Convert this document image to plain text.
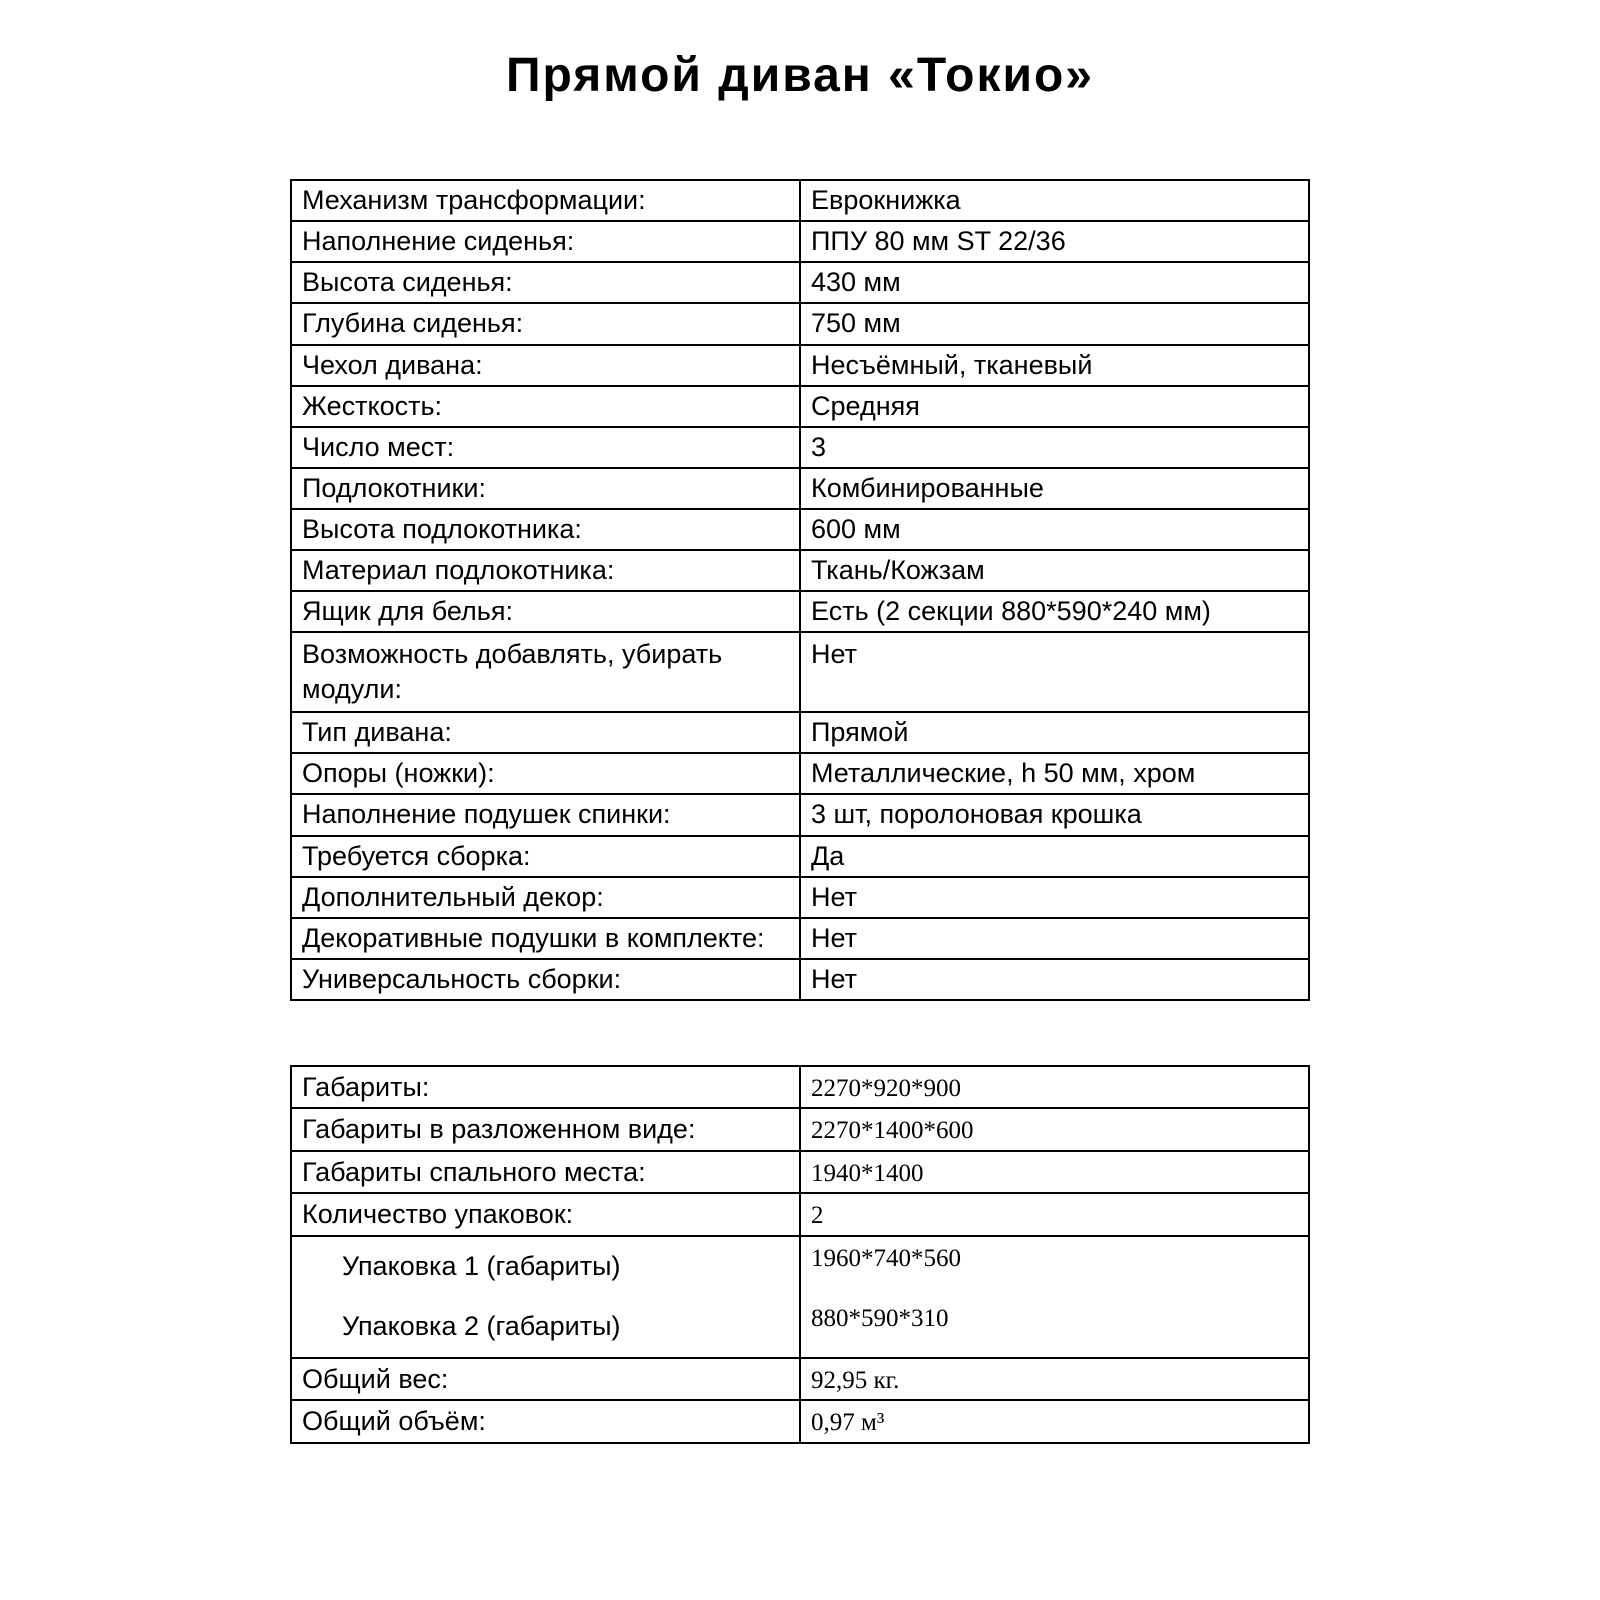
Прямой диван «Токио»
Механизм трансформации:	Еврокнижка
Наполнение сиденья:	ППУ 80 мм ST 22/36
Высота сиденья:	430 мм
Глубина сиденья:	750 мм
Чехол дивана:	Несъёмный, тканевый
Жесткость:	Средняя
Число мест:	3
Подлокотники:	Комбинированные
Высота подлокотника:	600 мм
Материал подлокотника:	Ткань/Кожзам
Ящик для белья:	Есть (2 секции 880*590*240 мм)
Возможность добавлять, убирать модули:	Нет
Тип дивана:	Прямой
Опоры (ножки):	Металлические, h 50 мм, хром
Наполнение подушек спинки:	3 шт, поролоновая крошка
Требуется сборка:	Да
Дополнительный декор:	Нет
Декоративные подушки в комплекте:	Нет
Универсальность сборки:	Нет
Габариты:	2270*920*900
Габариты в разложенном виде:	2270*1400*600
Габариты спального места:	1940*1400
Количество упаковок:	2
Упаковка 1 (габариты)	1960*740*560
Упаковка 2 (габариты)	880*590*310
Общий вес:	92,95 кг.
Общий объём:	0,97 м³
